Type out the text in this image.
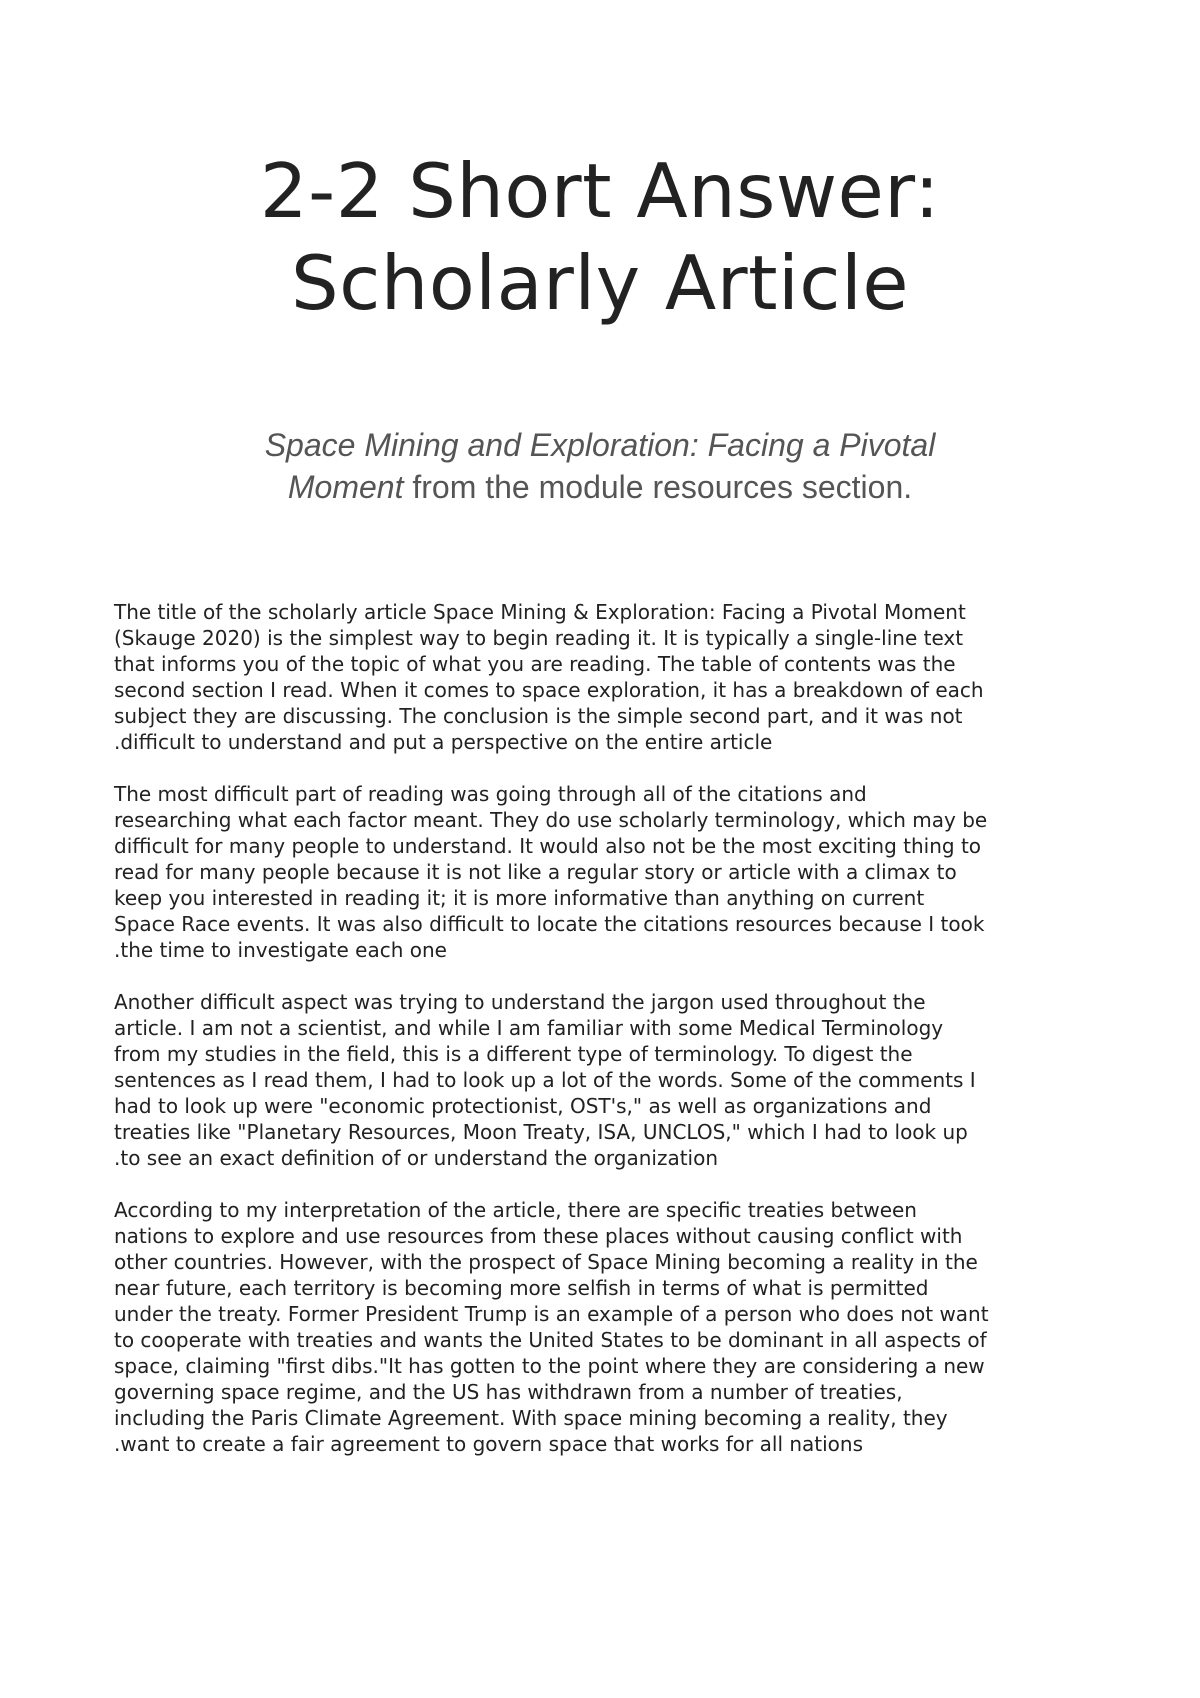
2-2 Short Answer:
Scholarly Article
Space Mining and Exploration: Facing a Pivotal
Moment from the module resources section.
The title of the scholarly article Space Mining & Exploration: Facing a Pivotal Moment
(Skauge 2020) is the simplest way to begin reading it. It is typically a single-line text
that informs you of the topic of what you are reading. The table of contents was the
second section I read. When it comes to space exploration, it has a breakdown of each
subject they are discussing. The conclusion is the simple second part, and it was not
.difficult to understand and put a perspective on the entire article
The most difficult part of reading was going through all of the citations and
researching what each factor meant. They do use scholarly terminology, which may be
difficult for many people to understand. It would also not be the most exciting thing to
read for many people because it is not like a regular story or article with a climax to
keep you interested in reading it; it is more informative than anything on current
Space Race events. It was also difficult to locate the citations resources because I took
.the time to investigate each one
Another difficult aspect was trying to understand the jargon used throughout the
article. I am not a scientist, and while I am familiar with some Medical Terminology
from my studies in the field, this is a different type of terminology. To digest the
sentences as I read them, I had to look up a lot of the words. Some of the comments I
had to look up were "economic protectionist, OST's," as well as organizations and
treaties like "Planetary Resources, Moon Treaty, ISA, UNCLOS," which I had to look up
.to see an exact definition of or understand the organization
According to my interpretation of the article, there are specific treaties between
nations to explore and use resources from these places without causing conflict with
other countries. However, with the prospect of Space Mining becoming a reality in the
near future, each territory is becoming more selfish in terms of what is permitted
under the treaty. Former President Trump is an example of a person who does not want
to cooperate with treaties and wants the United States to be dominant in all aspects of
space, claiming "first dibs."It has gotten to the point where they are considering a new
governing space regime, and the US has withdrawn from a number of treaties,
including the Paris Climate Agreement. With space mining becoming a reality, they
.want to create a fair agreement to govern space that works for all nations
